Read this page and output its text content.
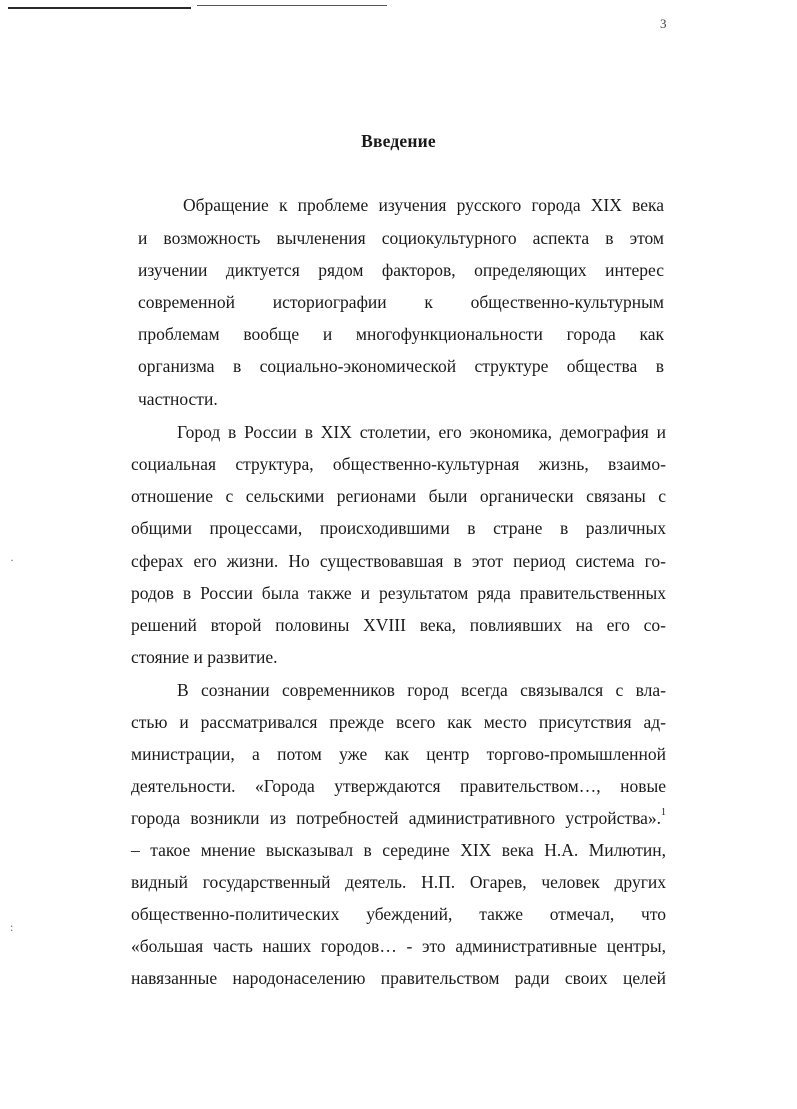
·
:
3
Введение

Обращение к проблеме изучения русского города XIX века

и возможность вычленения социокультурного аспекта в этом

изучении диктуется рядом факторов, определяющих интерес

современной историографии к общественно-культурным

проблемам вообще и многофункциональности города как

организма в социально-экономической структуре общества в

частности.

Город в России в XIX столетии, его экономика, демография и

социальная структура, общественно-культурная жизнь, взаимо-

отношение с сельскими регионами были органически связаны с

общими процессами, происходившими в стране в различных

сферах его жизни. Но существовавшая в этот период система го-

родов в России была также и результатом ряда правительственных

решений второй половины XVIII века, повлиявших на его со-

стояние и развитие.

В сознании современников город всегда связывался с вла-

стью и рассматривался прежде всего как место присутствия ад-

министрации, а потом уже как центр торгово-промышленной

деятельности. «Города утверждаются правительством…, новые

города возникли из потребностей административного устройства».$^1$

– такое мнение высказывал в середине XIX века Н.А. Милютин,

видный государственный деятель. Н.П. Огарев, человек других

общественно-политических убеждений, также отмечал, что

«большая часть наших городов… - это административные центры,

навязанные народонаселению правительством ради своих целей
